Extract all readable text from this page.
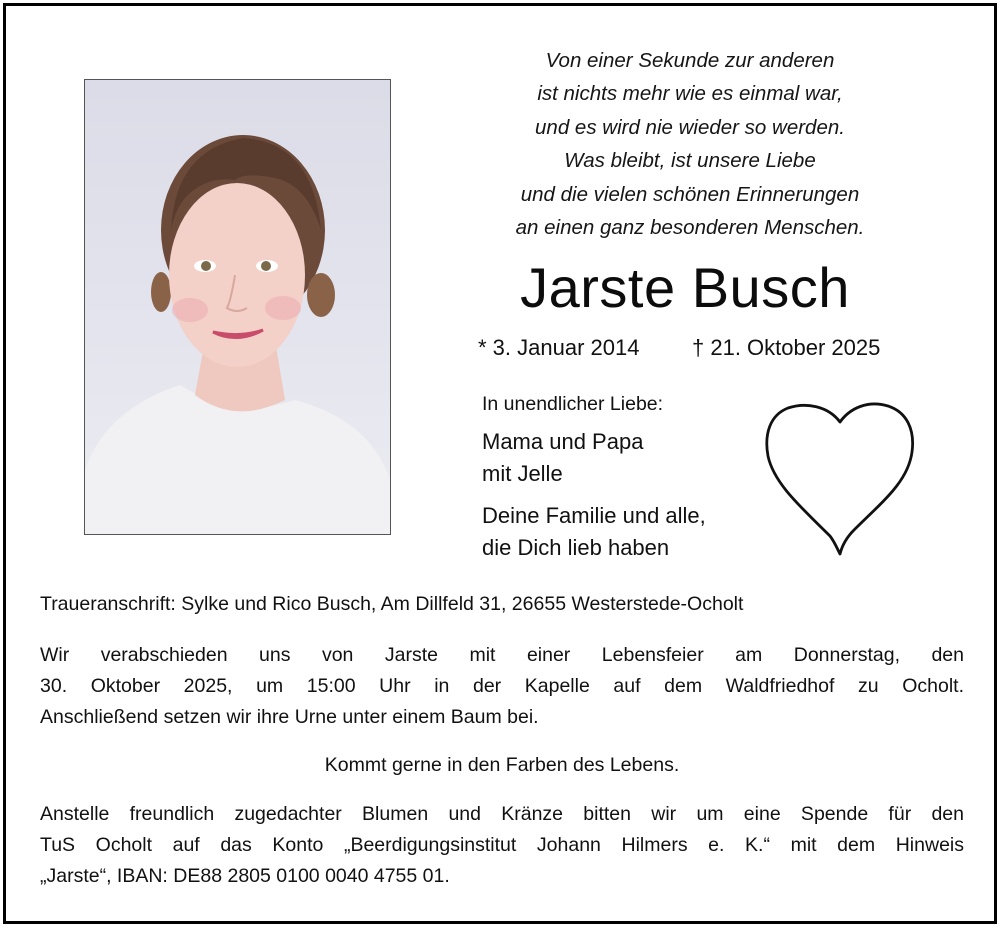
Von einer Sekunde zur anderen
ist nichts mehr wie es einmal war,
und es wird nie wieder so werden.
Was bleibt, ist unsere Liebe
und die vielen schönen Erinnerungen
an einen ganz besonderen Menschen.
Jarste Busch
* 3. Januar 2014 † 21. Oktober 2025
In unendlicher Liebe:
Mama und Papa
mit Jelle
Deine Familie und alle,
die Dich lieb haben
Traueranschrift: Sylke und Rico Busch, Am Dillfeld 31, 26655 Westerstede-Ocholt
Wir verabschieden uns von Jarste mit einer Lebensfeier am Donnerstag, den
30. Oktober 2025, um 15:00 Uhr in der Kapelle auf dem Waldfriedhof zu Ocholt.
Anschließend setzen wir ihre Urne unter einem Baum bei.
Kommt gerne in den Farben des Lebens.
Anstelle freundlich zugedachter Blumen und Kränze bitten wir um eine Spende für den
TuS Ocholt auf das Konto „Beerdigungsinstitut Johann Hilmers e. K.“ mit dem Hinweis
„Jarste“, IBAN: DE88 2805 0100 0040 4755 01.
